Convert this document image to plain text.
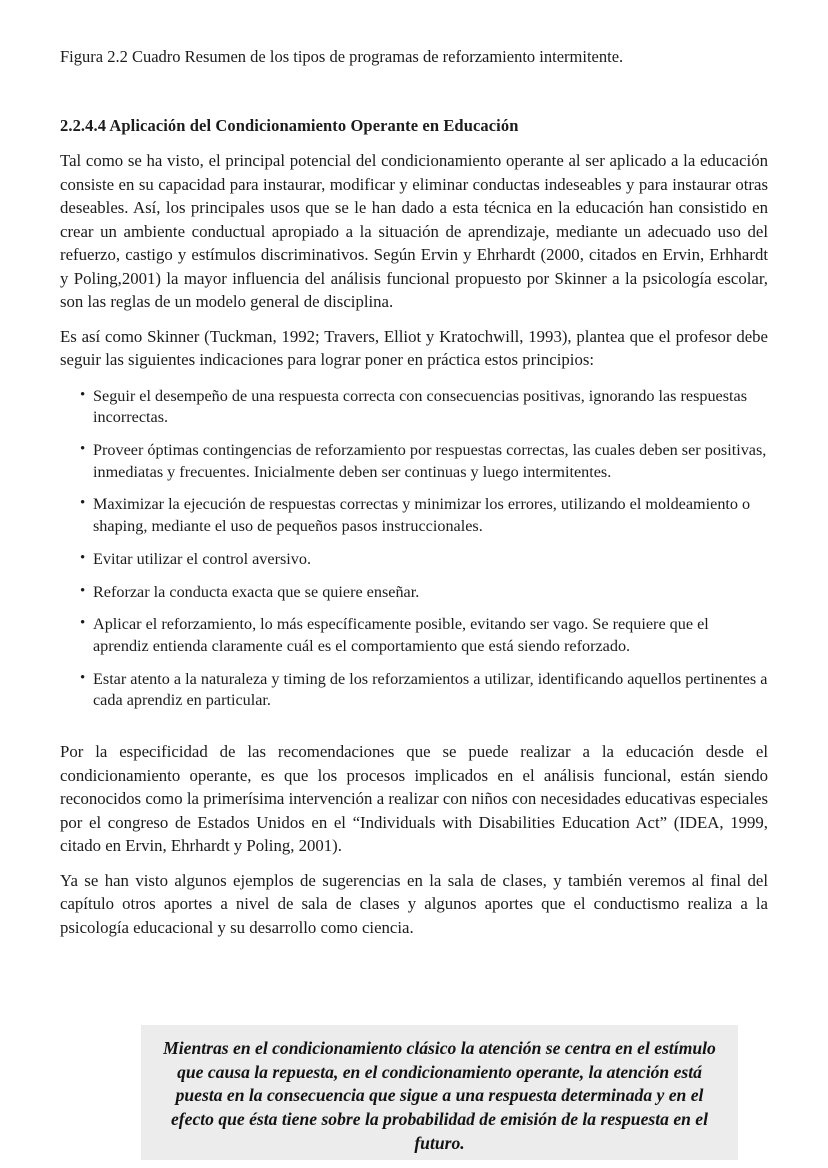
Figura 2.2 Cuadro Resumen de los tipos de programas de reforzamiento intermitente.

2.2.4.4 Aplicación del Condicionamiento Operante en Educación

Tal como se ha visto, el principal potencial del condicionamiento operante al ser aplicado a la educación consiste en su capacidad para instaurar, modificar y eliminar conductas indeseables y para instaurar otras deseables. Así, los principales usos que se le han dado a esta técnica en la educación han consistido en crear un ambiente conductual apropiado a la situación de aprendizaje, mediante un adecuado uso del refuerzo, castigo y estímulos discriminativos. Según Ervin y Ehrhardt (2000, citados en Ervin, Erhhardt y Poling,2001) la mayor influencia del análisis funcional propuesto por Skinner a la psicología escolar, son las reglas de un modelo general de disciplina.

Es así como Skinner (Tuckman, 1992; Travers, Elliot y Kratochwill, 1993), plantea que el profesor debe seguir las siguientes indicaciones para lograr poner en práctica estos principios:

• Seguir el desempeño de una respuesta correcta con consecuencias positivas, ignorando las respuestas incorrectas.
• Proveer óptimas contingencias de reforzamiento por respuestas correctas, las cuales deben ser positivas, inmediatas y frecuentes. Inicialmente deben ser continuas y luego intermitentes.
• Maximizar la ejecución de respuestas correctas y minimizar los errores, utilizando el moldeamiento o shaping, mediante el uso de pequeños pasos instruccionales.
• Evitar utilizar el control aversivo.
• Reforzar la conducta exacta que se quiere enseñar.
• Aplicar el reforzamiento, lo más específicamente posible, evitando ser vago. Se requiere que el aprendiz entienda claramente cuál es el comportamiento que está siendo reforzado.
• Estar atento a la naturaleza y timing de los reforzamientos a utilizar, identificando aquellos pertinentes a cada aprendiz en particular.

Por la especificidad de las recomendaciones que se puede realizar a la educación desde el condicionamiento operante, es que los procesos implicados en el análisis funcional, están siendo reconocidos como la primerísima intervención a realizar con niños con necesidades educativas especiales por el congreso de Estados Unidos en el “Individuals with Disabilities Education Act” (IDEA, 1999, citado en Ervin, Ehrhardt y Poling, 2001).

Ya se han visto algunos ejemplos de sugerencias en la sala de clases, y también veremos al final del capítulo otros aportes a nivel de sala de clases y algunos aportes que el conductismo realiza a la psicología educacional y su desarrollo como ciencia.

Mientras en el condicionamiento clásico la atención se centra en el estímulo que causa la repuesta, en el condicionamiento operante, la atención está puesta en la consecuencia que sigue a una respuesta determinada y en el efecto que ésta tiene sobre la probabilidad de emisión de la respuesta en el futuro.
